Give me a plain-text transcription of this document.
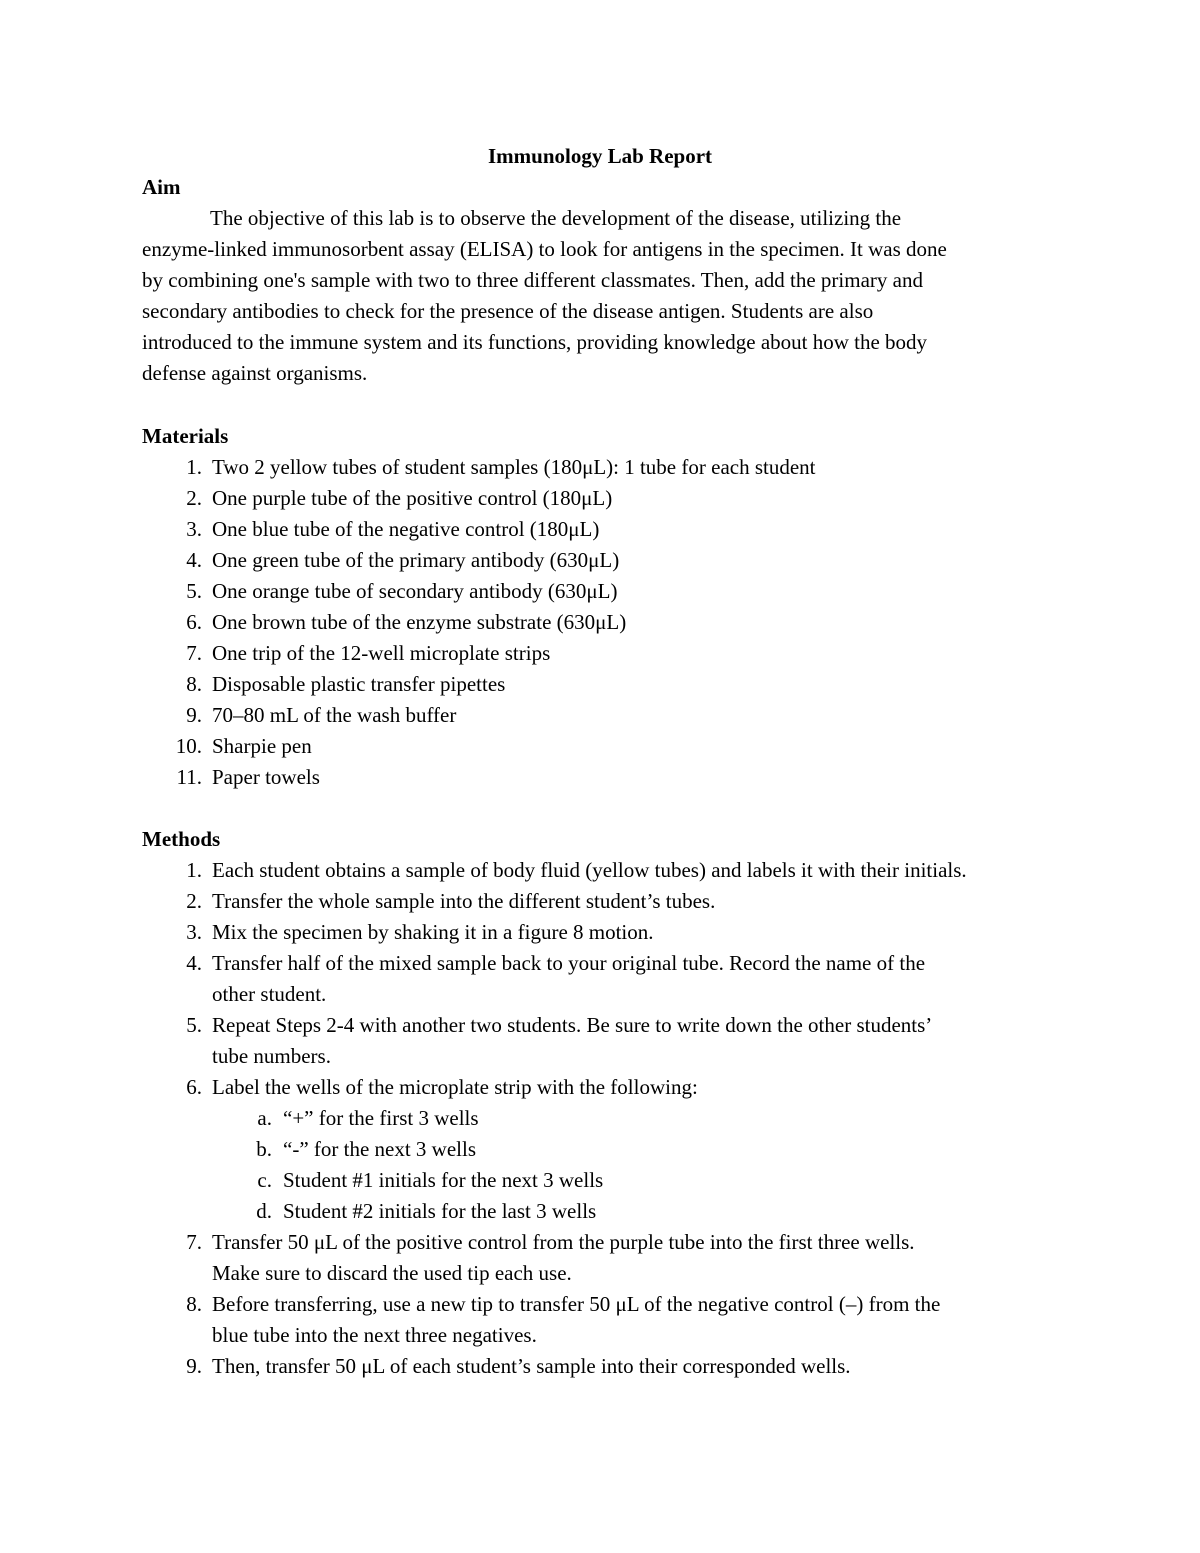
Immunology Lab Report
Aim
The objective of this lab is to observe the development of the disease, utilizing the
enzyme-linked immunosorbent assay (ELISA) to look for antigens in the specimen. It was done
by combining one's sample with two to three different classmates. Then, add the primary and
secondary antibodies to check for the presence of the disease antigen. Students are also
introduced to the immune system and its functions, providing knowledge about how the body
defense against organisms.
Materials
1. Two 2 yellow tubes of student samples (180μL): 1 tube for each student
2. One purple tube of the positive control (180μL)
3. One blue tube of the negative control (180μL)
4. One green tube of the primary antibody (630μL)
5. One orange tube of secondary antibody (630μL)
6. One brown tube of the enzyme substrate (630μL)
7. One trip of the 12-well microplate strips
8. Disposable plastic transfer pipettes
9. 70–80 mL of the wash buffer
10. Sharpie pen
11. Paper towels
Methods
1. Each student obtains a sample of body fluid (yellow tubes) and labels it with their initials.
2. Transfer the whole sample into the different student’s tubes.
3. Mix the specimen by shaking it in a figure 8 motion.
4. Transfer half of the mixed sample back to your original tube. Record the name of the
other student.
5. Repeat Steps 2-4 with another two students. Be sure to write down the other students’
tube numbers.
6. Label the wells of the microplate strip with the following:
a. “+” for the first 3 wells
b. “-” for the next 3 wells
c. Student #1 initials for the next 3 wells
d. Student #2 initials for the last 3 wells
7. Transfer 50 μL of the positive control from the purple tube into the first three wells.
Make sure to discard the used tip each use.
8. Before transferring, use a new tip to transfer 50 μL of the negative control (–) from the
blue tube into the next three negatives.
9. Then, transfer 50 μL of each student’s sample into their corresponded wells.
